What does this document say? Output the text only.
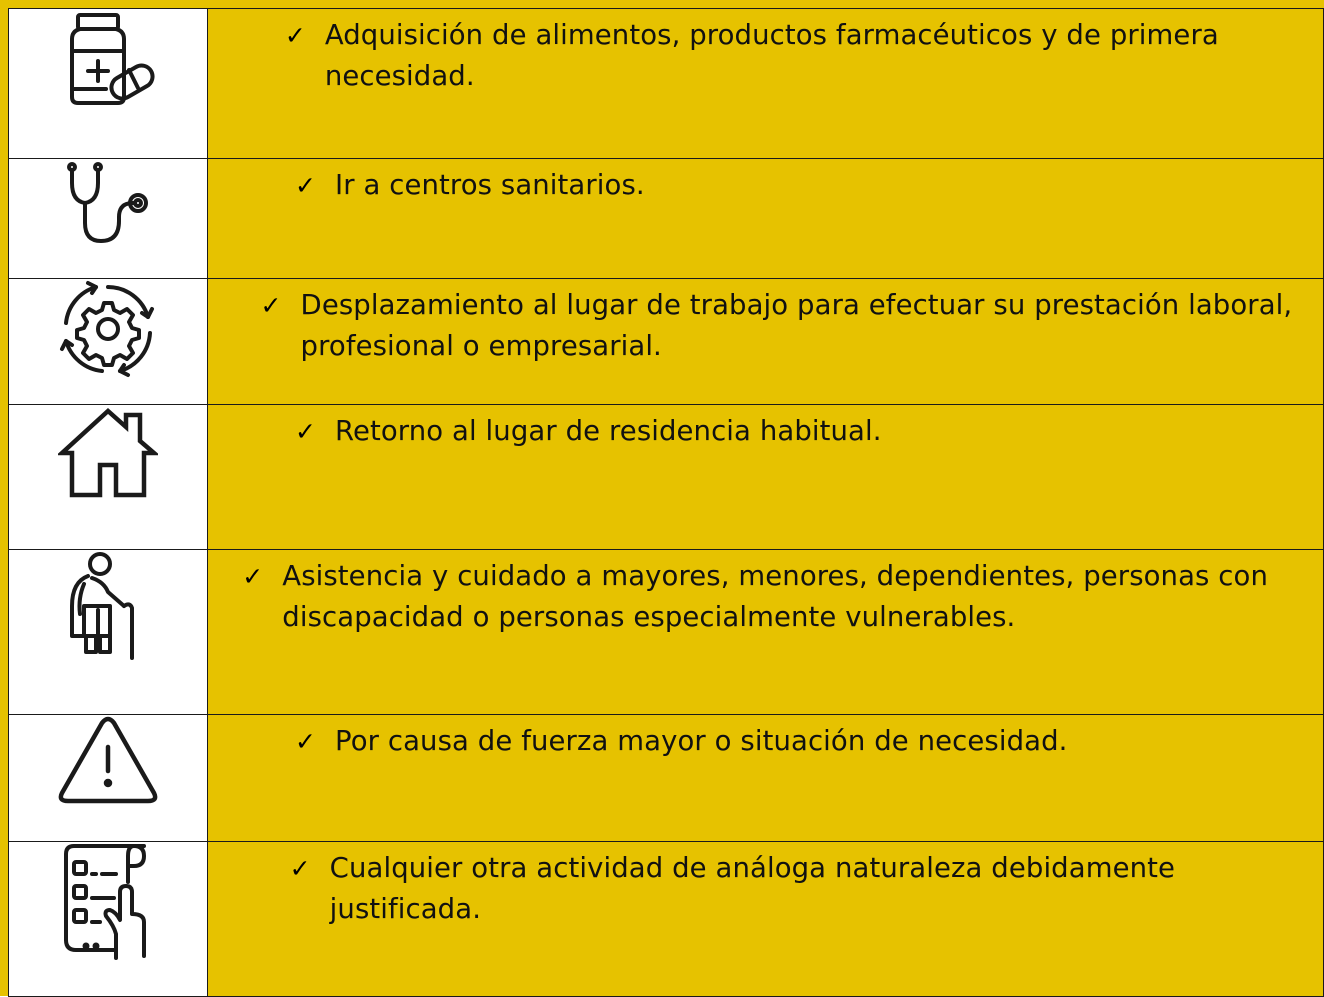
✓ Adquisición de alimentos, productos farmacéuticos y de primera necesidad.

✓ Ir a centros sanitarios.

✓ Desplazamiento al lugar de trabajo para efectuar su prestación laboral, profesional o empresarial.

✓ Retorno al lugar de residencia habitual.

✓ Asistencia y cuidado a mayores, menores, dependientes, personas con discapacidad o personas especialmente vulnerables.

✓ Por causa de fuerza mayor o situación de necesidad.

✓ Cualquier otra actividad de análoga naturaleza debidamente justificada.
